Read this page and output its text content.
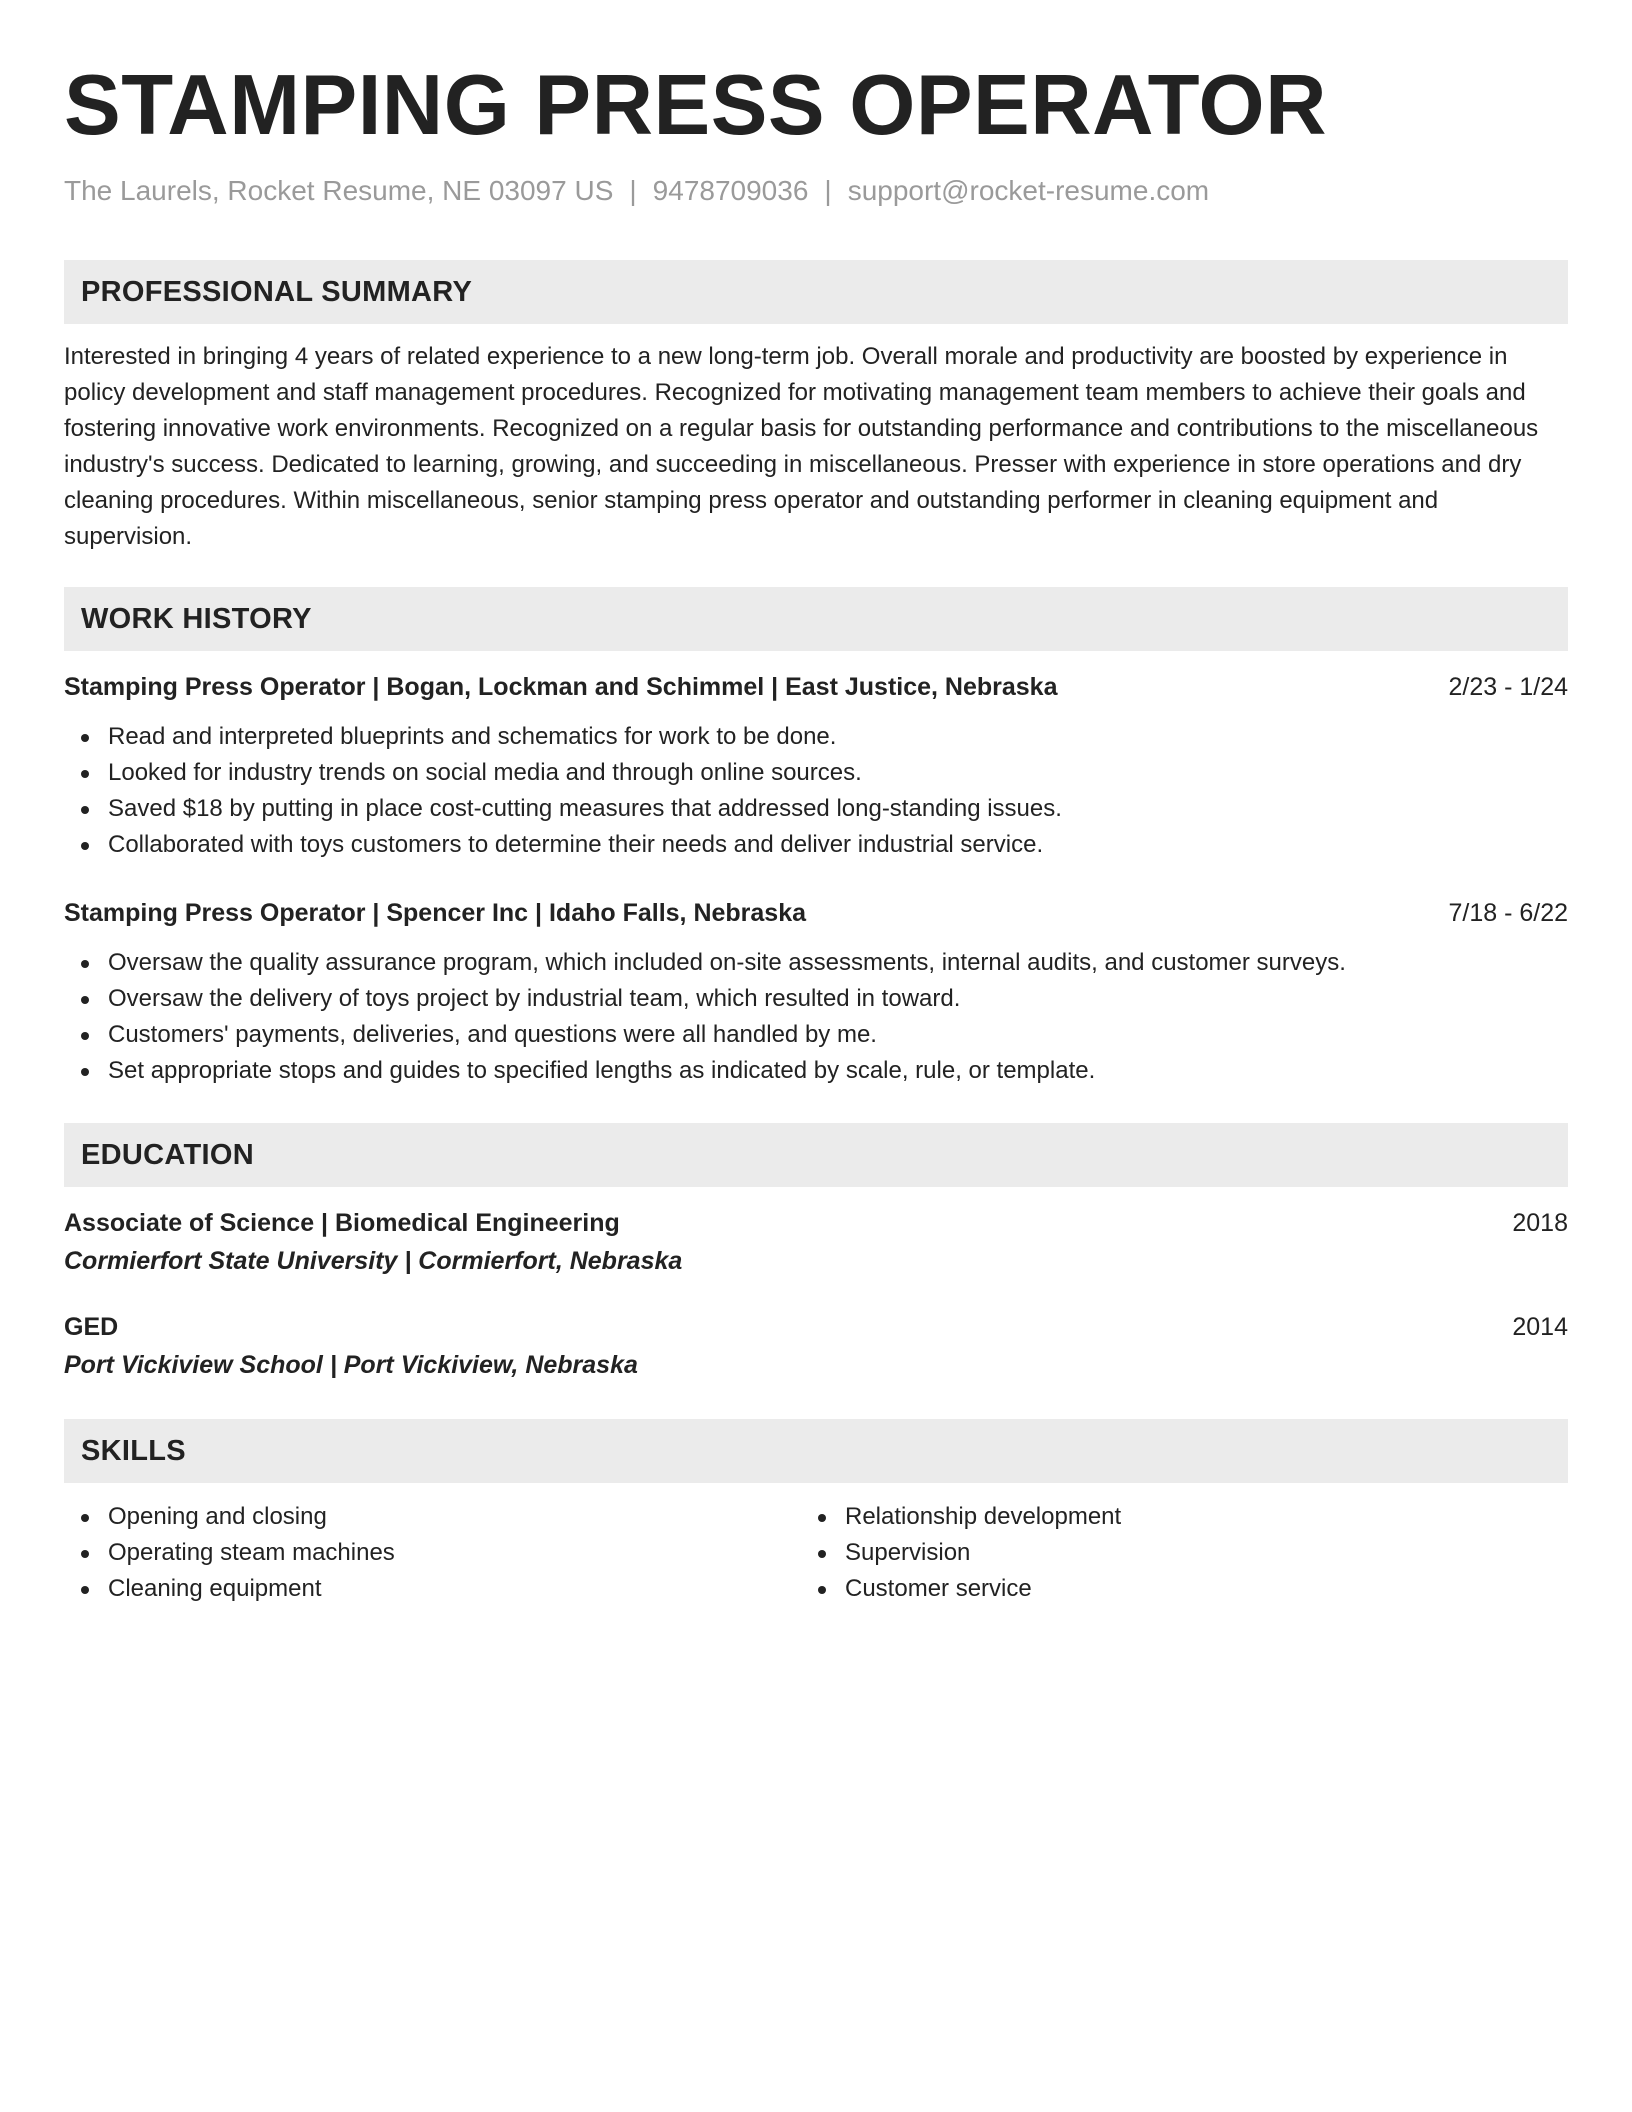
STAMPING PRESS OPERATOR
The Laurels, Rocket Resume, NE 03097 US | 9478709036 | support@rocket-resume.com
PROFESSIONAL SUMMARY

Interested in bringing 4 years of related experience to a new long-term job. Overall morale and productivity are boosted by experience in policy development and staff management procedures. Recognized for motivating management team members to achieve their goals and fostering innovative work environments. Recognized on a regular basis for outstanding performance and contributions to the miscellaneous industry's success. Dedicated to learning, growing, and succeeding in miscellaneous. Presser with experience in store operations and dry cleaning procedures. Within miscellaneous, senior stamping press operator and outstanding performer in cleaning equipment and supervision.

WORK HISTORY
Stamping Press Operator | Bogan, Lockman and Schimmel | East Justice, Nebraska	2/23 - 1/24
Read and interpreted blueprints and schematics for work to be done.
Looked for industry trends on social media and through online sources.
Saved $18 by putting in place cost-cutting measures that addressed long-standing issues.
Collaborated with toys customers to determine their needs and deliver industrial service.
Stamping Press Operator | Spencer Inc | Idaho Falls, Nebraska	7/18 - 6/22
Oversaw the quality assurance program, which included on-site assessments, internal audits, and customer surveys.
Oversaw the delivery of toys project by industrial team, which resulted in toward.
Customers' payments, deliveries, and questions were all handled by me.
Set appropriate stops and guides to specified lengths as indicated by scale, rule, or template.
EDUCATION
Associate of Science | Biomedical Engineering	2018
Cormierfort State University | Cormierfort, Nebraska
GED	2014
Port Vickiview School | Port Vickiview, Nebraska
SKILLS
Opening and closing
Operating steam machines
Cleaning equipment
Relationship development
Supervision
Customer service
